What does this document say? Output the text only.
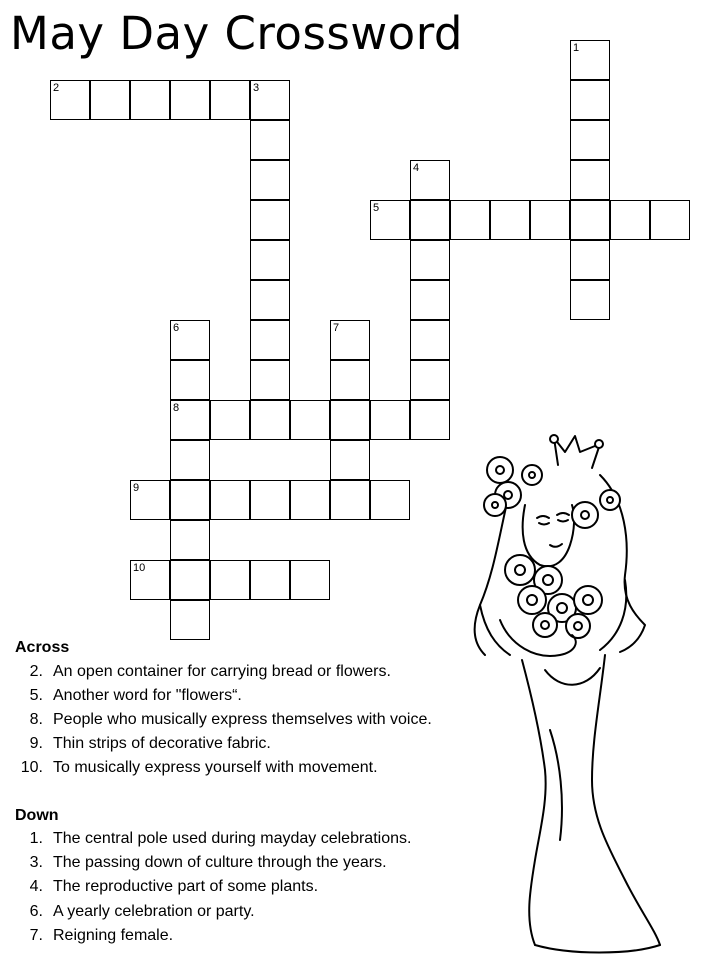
May Day Crossword
2	3
1
4
5
6	7
8
9
10
Across
2. An open container for carrying bread or flowers.
5. Another word for "flowers“.
8. People who musically express themselves with voice.
9. Thin strips of decorative fabric.
10. To musically express yourself with movement.
Down
1. The central pole used during mayday celebrations.
3. The passing down of culture through the years.
4. The reproductive part of some plants.
6. A yearly celebration or party.
7. Reigning female.
